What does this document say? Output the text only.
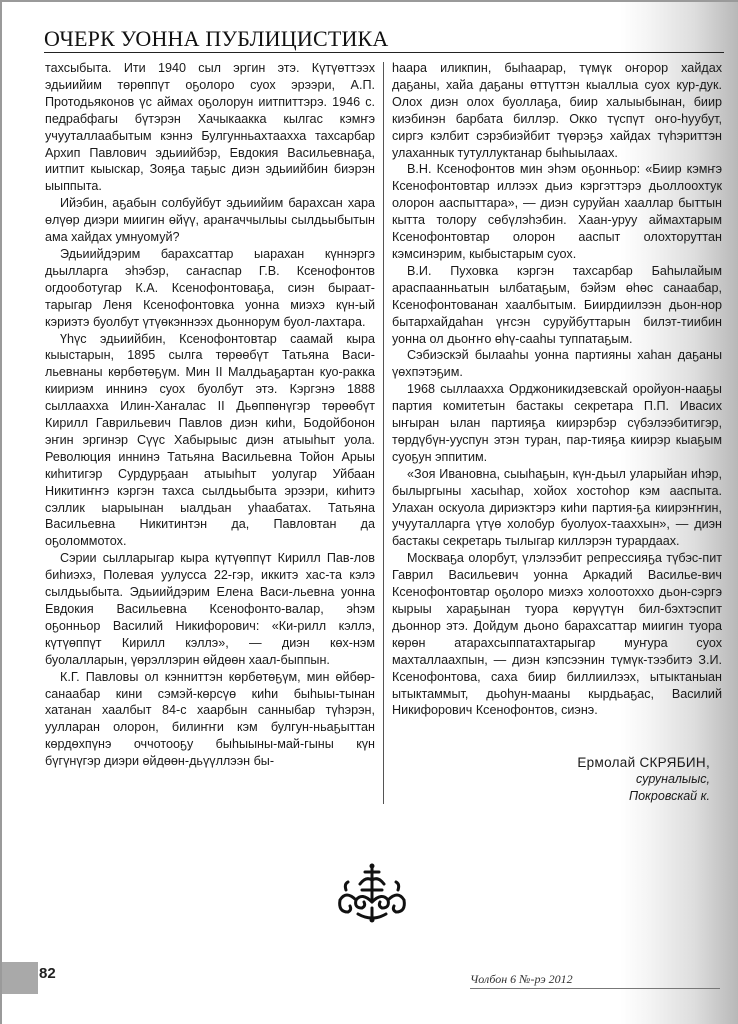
ОЧЕРК УОННА ПУБЛИЦИСТИКА

тахсыбыта. Ити 1940 сыл эргин этэ. Күтүөттээх эдьиийим төрөппүт оҕолоро суох эрээри, А.П. Протодьяконов үс аймах оҕолорун иитпиттэрэ. 1946 с. педрабфагы бүтэрэн Хачыкаакка кылгас кэмҥэ учууталлаабытым кэннэ Булгунньахтаахха тахсарбар Архип Павлович эдьиийбэр, Евдокия Васильевнаҕа, иитпит кыыскар, Зояҕа таҕыс диэн эдьиийбин биэрэн ыыппыта.

Ийэбин, аҕабын солбуйбут эдьиийим барахсан хара өлүөр диэри миигин өйүү, араҥаччылыы сылдьыбытын ама хайдах умнуомуй?

Эдьиийдэрим барахсаттар ыарахан күннэргэ дьылларга эһэбэр, саҥаспар Г.В. Ксенофонтов огдооботугар К.А. Ксенофонтоваҕа, сиэн быраат-тарыгар Леня Ксенофонтовка уонна миэхэ күн-ый кэриэтэ буолбут үтүөкэннээх дьоннорум буол-лахтара.

Үһүс эдьиийбин, Ксенофонтовтар саамай кыра кыыстарын, 1895 сылга төрөөбүт Татьяна Васи-льевнаны көрбөтөҕүм. Мин II Малдьаҕартан куо-ракка киириэм иннинэ суох буолбут этэ. Кэргэнэ 1888 сыллаахха Илин-Хаҥалас II Дьөппөнүгэр төрөөбүт Кирилл Гаврильевич Павлов диэн киһи, Бодойбонон эҥин эргинэр Сүүс Хабырыыс диэн атыыһыт уола. Революция иннинэ Татьяна Васильевна Тойон Арыы киһитигэр Сурдурҕаан атыыһыт уолугар Уйбаан Никитиҥҥэ кэргэн тахса сылдьыбыта эрээри, киһитэ сэллик ыарыынан ыалдьан уһаабатах. Татьяна Васильевна Никитинтэн да, Павловтан да оҕоломмотох.

Сэрии сылларыгар кыра күтүөппүт Кирилл Пав-лов биһиэхэ, Полевая уулусса 22-гэр, иккитэ хас-та кэлэ сылдьыбыта. Эдьиийдэрим Елена Васи-льевна уонна Евдокия Васильевна Ксенофонто-валар, эһэм оҕонньор Василий Никифорович: «Ки-рилл кэллэ, күтүөппүт Кирилл кэллэ», — диэн көх-нэм буолалларын, үөрэллэрин өйдөөн хаал-быппын.

К.Г. Павловы ол кэнниттэн көрбөтөҕүм, мин өйбөр-санаабар кини сэмэй-көрсүө киһи быһыы-тынан хатанан хаалбыт 84-с хаарбын санныбар түһэрэн, уулларан олорон, билиҥҥи кэм булгун-ньаҕыттан көрдөхпүнэ оччотооҕу быһыыны-май-гыны күн бүгүнүгэр диэри өйдөөн-дьүүллээн бы-

һаара иликпин, быһаарар, түмүк оҥорор хайдах даҕаны, хайа даҕаны өттүттэн кыаллыа суох кур-дук. Олох диэн олох буоллаҕа, биир халыыбынан, биир киэбинэн барбата биллэр. Окко түспүт оҥо-һуубут, сиргэ кэлбит сэрэбиэйбит түөрэҕэ хайдах түһэриттэн улаханнык тутуллуктанар быһыылаах.

В.Н. Ксенофонтов мин эһэм оҕонньор: «Биир кэмҥэ Ксенофонтовтар иллээх дьиэ кэргэттэрэ дьоллоохтук олорон ааспыттара», — диэн суруйан хааллар быттын кытта толору сөбүлэһэбин. Хаан-уруу аймахтарым Ксенофонтовтар олорон ааспыт олохторуттан кэмсинэрим, кыбыстарым суох.

В.И. Пуховка кэргэн тахсарбар Баһылайым араспаанньатын ылбатаҕым, бэйэм өһөс санаабар, Ксенофонтованан хаалбытым. Биирдиилээн дьон-нор бытархайдаһан үҥсэн суруйбуттарын билэт-тиибин уонна ол дьоҥҥо өһү-сааһы туппатаҕым.

Сэбиэскэй былааһы уонна партияны хаһан даҕаны үөхпэтэҕим.

1968 сыллаахха Орджоникидзевскай оройуон-нааҕы партия комитетын бастакы секретара П.П. Ивасих ыҥыран ылан партияҕа киирэрбэр сүбэлээбитигэр, төрдүбүн-ууспун этэн туран, пар-тияҕа киирэр кыаҕым суоҕун эппитим.

«Зоя Ивановна, сыыһаҕын, күн-дьыл уларыйан иһэр, былыргыны хасыһар, хойох хостоһор кэм ааспыта. Улахан оскуола дириэктэрэ киһи партия-ҕа киирэҥҥин, учууталларга үтүө холобур буолуох-тааххын», — диэн бастакы секретарь тылыгар киллэрэн турардаах.

Москваҕа олорбут, үлэлээбит репрессияҕа түбэс-пит Гаврил Васильевич уонна Аркадий Василье-вич Ксенофонтовтар оҕолоро миэхэ холоотоххо дьон-сэргэ кырыы хараҕынан туора көрүүтүн бил-бэхтэспит дьоннор этэ. Дойдум дьоно барахсаттар миигин туора көрөн атарахсыппатахтарыгар муҥура суох махталлаахпын, — диэн кэпсээнин түмүк-тээбитэ З.И. Ксенофонтова, саха биир биллиилээх, ытыктаныан ытыктаммыт, дьоһун-мааны кырдьаҕас, Василий Никифорович Ксенофонтов, сиэнэ.

Ермолай СКРЯБИН,
суруналыыс,
Покровскай к.
82	Чолбон 6 №-рэ 2012
